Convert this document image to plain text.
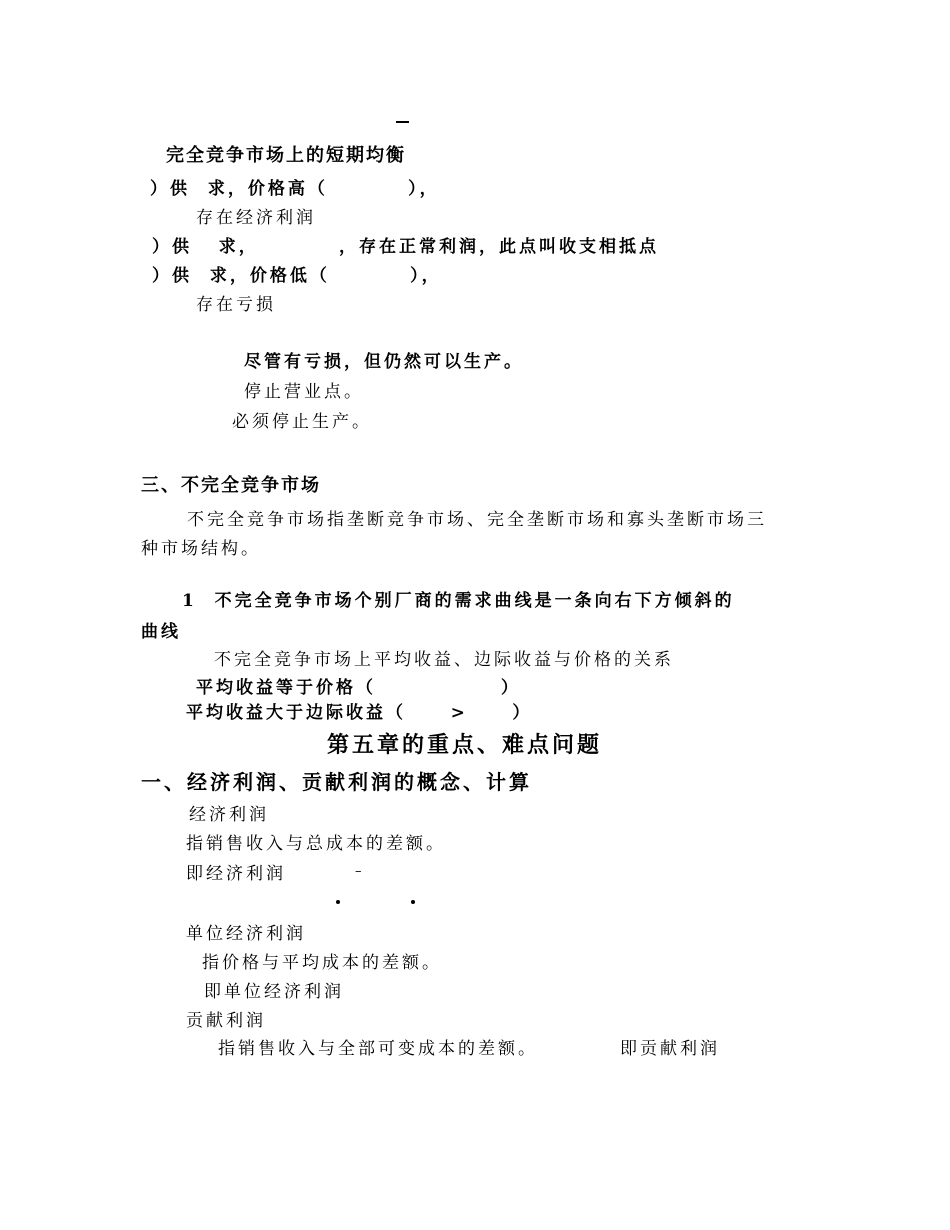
完全竞争市场上的短期均衡
）供  求，价格高（         ），
存在经济利润
）供   求，         ，存在正常利润，此点叫收支相抵点
）供  求，价格低（         ），
存在亏损
尽管有亏损，但仍然可以生产。
停止营业点。
必须停止生产。
三、不完全竞争市场
不完全竞争市场指垄断竞争市场、完全垄断市场和寡头垄断市场三
种市场结构。
1  不完全竞争市场个别厂商的需求曲线是一条向右下方倾斜的
曲线
不完全竞争市场上平均收益、边际收益与价格的关系
平均收益等于价格（              ）
平均收益大于边际收益（     >     ）
第五章的重点、难点问题
一、经济利润、贡献利润的概念、计算
经济利润
指销售收入与总成本的差额。
即经济利润	–
单位经济利润
指价格与平均成本的差额。
即单位经济利润
贡献利润
指销售收入与全部可变成本的差额。	即贡献利润
